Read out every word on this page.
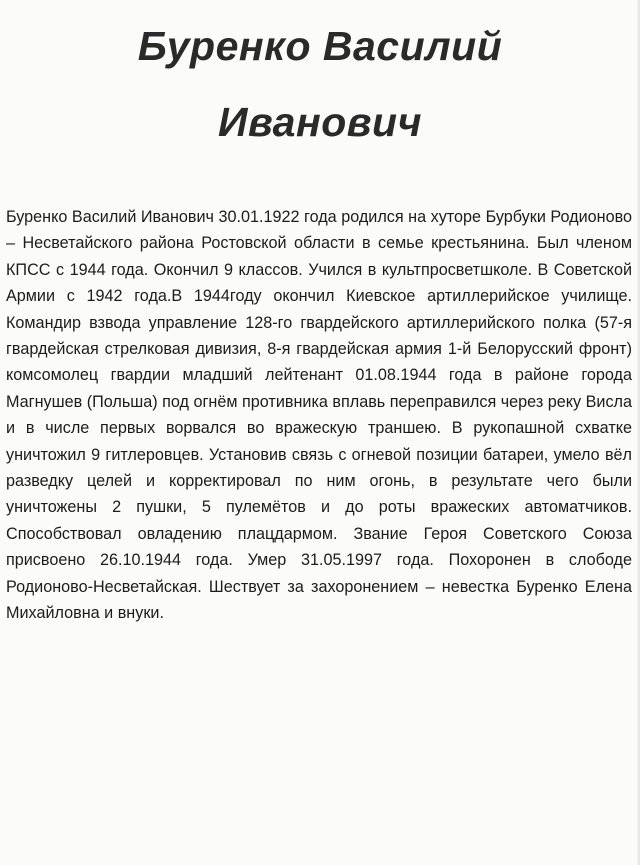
Буренко Василий
Иванович
Буренко Василий Иванович 30.01.1922 года родился на хуторе Бурбуки Родионово – Несветайского района Ростовской области в семье крестьянина. Был членом КПСС с 1944 года. Окончил 9 классов. Учился в культпросветшколе. В Советской Армии с 1942 года.В 1944году окончил Киевское артиллерийское училище. Командир взвода управление 128-го гвардейского артиллерийского полка (57-я гвардейская стрелковая дивизия, 8-я гвардейская армия 1-й Белорусский фронт) комсомолец гвардии младший лейтенант 01.08.1944 года в районе города Магнушев (Польша) под огнём противника вплавь переправился через реку Висла и в числе первых ворвался во вражескую траншею. В рукопашной схватке уничтожил 9 гитлеровцев. Установив связь с огневой позиции батареи, умело вёл разведку целей и корректировал по ним огонь, в результате чего были уничтожены 2 пушки, 5 пулемётов и до роты вражеских автоматчиков. Способствовал овладению плацдармом. Звание Героя Советского Союза присвоено 26.10.1944 года. Умер 31.05.1997 года. Похоронен в слободе Родионово-Несветайская. Шествует за захоронением – невестка Буренко Елена Михайловна и внуки.
